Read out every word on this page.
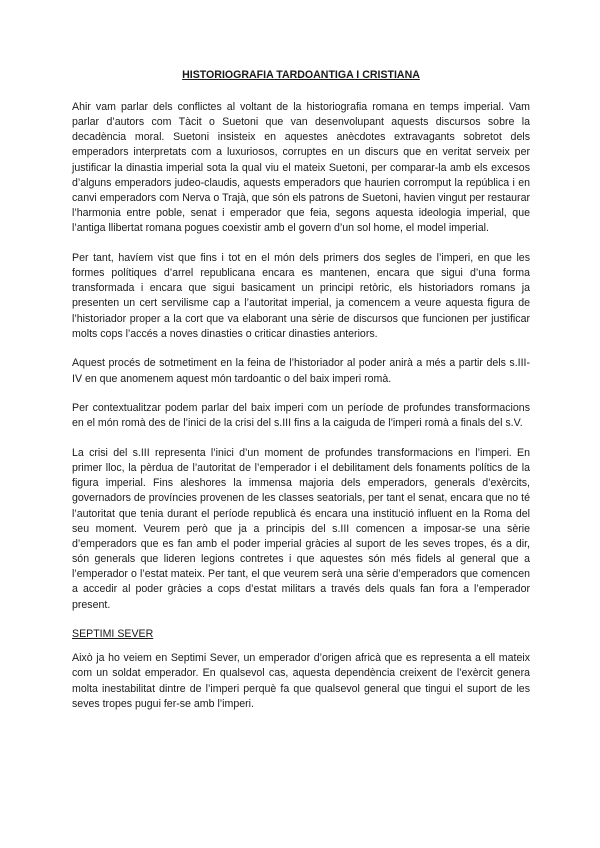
HISTORIOGRAFIA TARDOANTIGA I CRISTIANA

Ahir vam parlar dels conflictes al voltant de la historiografia romana en temps imperial. Vam parlar d’autors com Tàcit o Suetoni que van desenvolupant aquests discursos sobre la decadència moral. Suetoni insisteix en aquestes anècdotes extravagants sobretot dels emperadors interpretats com a luxuriosos, corruptes en un discurs que en veritat serveix per justificar la dinastia imperial sota la qual viu el mateix Suetoni, per comparar-la amb els excesos d’alguns emperadors judeo-claudis, aquests emperadors que haurien corromput la república i en canvi emperadors com Nerva o Trajà, que són els patrons de Suetoni, havien vingut per restaurar l’harmonia entre poble, senat i emperador que feia, segons aquesta ideologia imperial, que l’antiga llibertat romana pogues coexistir amb el govern d’un sol home, el model imperial.

Per tant, havíem vist que fins i tot en el món dels primers dos segles de l’imperi, en que les formes polítiques d’arrel republicana encara es mantenen, encara que sigui d’una forma transformada i encara que sigui basicament un principi retòric, els historiadors romans ja presenten un cert servilisme cap a l’autoritat imperial, ja comencem a veure aquesta figura de l’historiador proper a la cort que va elaborant una sèrie de discursos que funcionen per justificar molts cops l’accés a noves dinasties o criticar dinasties anteriors.

Aquest procés de sotmetiment en la feina de l’historiador al poder anirà a més a partir dels s.III-IV en que anomenem aquest món tardoantic o del baix imperi romà.

Per contextualitzar podem parlar del baix imperi com un període de profundes transformacions en el món romà des de l’inici de la crisi del s.III fins a la caiguda de l’imperi romà a finals del s.V.

La crisi del s.III representa l’inici d’un moment de profundes transformacions en l’imperi. En primer lloc, la pèrdua de l’autoritat de l’emperador i el debilitament dels fonaments polítics de la figura imperial. Fins aleshores la immensa majoria dels emperadors, generals d’exèrcits, governadors de províncies provenen de les classes seatorials, per tant el senat, encara que no té l’autoritat que tenia durant el període republicà és encara una institució influent en la Roma del seu moment. Veurem però que ja a principis del s.III comencen a imposar-se una sèrie d’emperadors que es fan amb el poder imperial gràcies al suport de les seves tropes, és a dir, són generals que lideren legions contretes i que aquestes són més fidels al general que a l’emperador o l’estat mateix. Per tant, el que veurem serà una sèrie d’emperadors que comencen a accedir al poder gràcies a cops d’estat militars a través dels quals fan fora a l’emperador present.

SEPTIMI SEVER

Això ja ho veiem en Septimi Sever, un emperador d’origen africà que es representa a ell mateix com un soldat emperador. En qualsevol cas, aquesta dependència creixent de l’exèrcit genera molta inestabilitat dintre de l’imperi perquè fa que qualsevol general que tingui el suport de les seves tropes pugui fer-se amb l’imperi.
